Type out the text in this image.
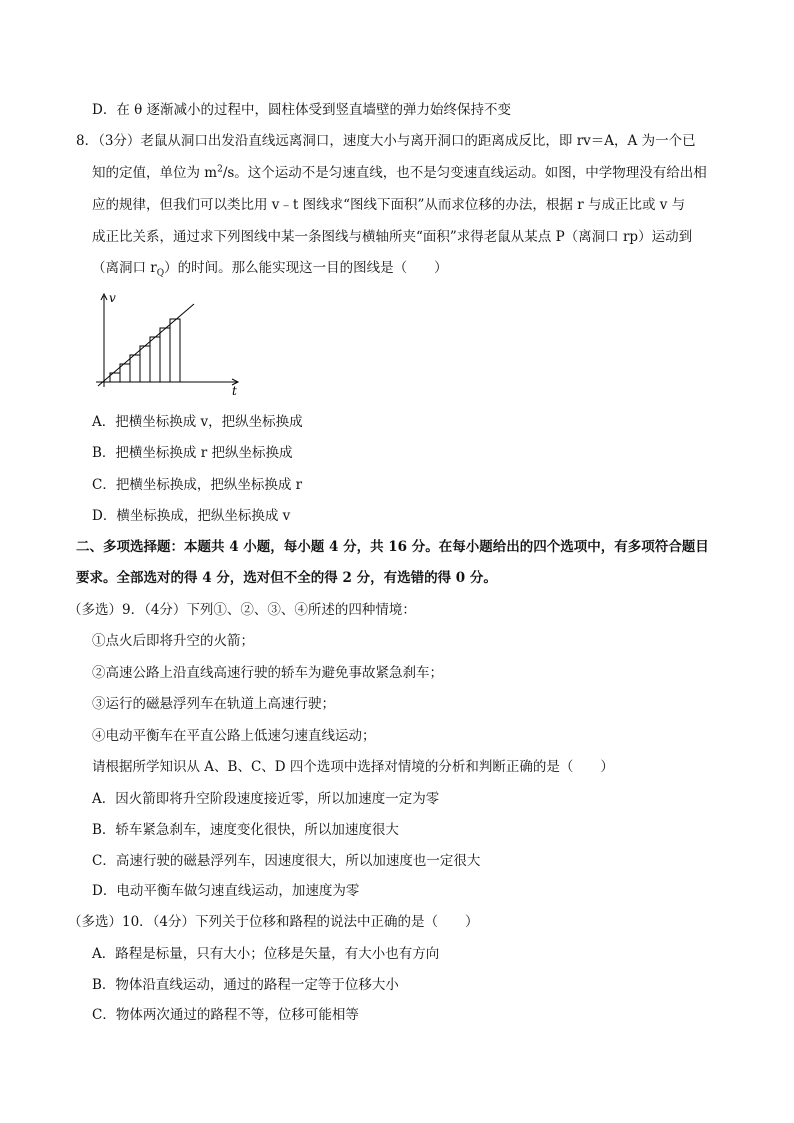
D．在 θ 逐渐减小的过程中，圆柱体受到竖直墙壁的弹力始终保持不变
8．（3分）老鼠从洞口出发沿直线远离洞口，速度大小与离开洞口的距离成反比，即 rv＝A，A 为一个已
知的定值，单位为 $m^2/s$。这个运动不是匀速直线，也不是匀变速直线运动。如图，中学物理没有给出相
应的规律，但我们可以类比用 v﹣t 图线求“图线下面积”从而求位移的办法，根据 r 与成正比或 v 与
成正比关系，通过求下列图线中某一条图线与横轴所夹“面积”求得老鼠从某点 P（离洞口 rp）运动到
（离洞口 $r_Q$）的时间。那么能实现这一目的图线是（　　）
v
t
A．把横坐标换成 v，把纵坐标换成
B．把横坐标换成 r 把纵坐标换成
C．把横坐标换成，把纵坐标换成 r
D．横坐标换成，把纵坐标换成 v
二、多项选择题：本题共 4 小题，每小题 4 分，共 16 分。在每小题给出的四个选项中，有多项符合题目
要求。全部选对的得 4 分，选对但不全的得 2 分，有选错的得 0 分。
（多选）9．（4分）下列①、②、③、④所述的四种情境：
①点火后即将升空的火箭；
②高速公路上沿直线高速行驶的轿车为避免事故紧急刹车；
③运行的磁悬浮列车在轨道上高速行驶；
④电动平衡车在平直公路上低速匀速直线运动；
请根据所学知识从 A、B、C、D 四个选项中选择对情境的分析和判断正确的是（　　）
A．因火箭即将升空阶段速度接近零，所以加速度一定为零
B．轿车紧急刹车，速度变化很快，所以加速度很大
C．高速行驶的磁悬浮列车，因速度很大，所以加速度也一定很大
D．电动平衡车做匀速直线运动，加速度为零
（多选）10．（4分）下列关于位移和路程的说法中正确的是（　　）
A．路程是标量，只有大小；位移是矢量，有大小也有方向
B．物体沿直线运动，通过的路程一定等于位移大小
C．物体两次通过的路程不等，位移可能相等
